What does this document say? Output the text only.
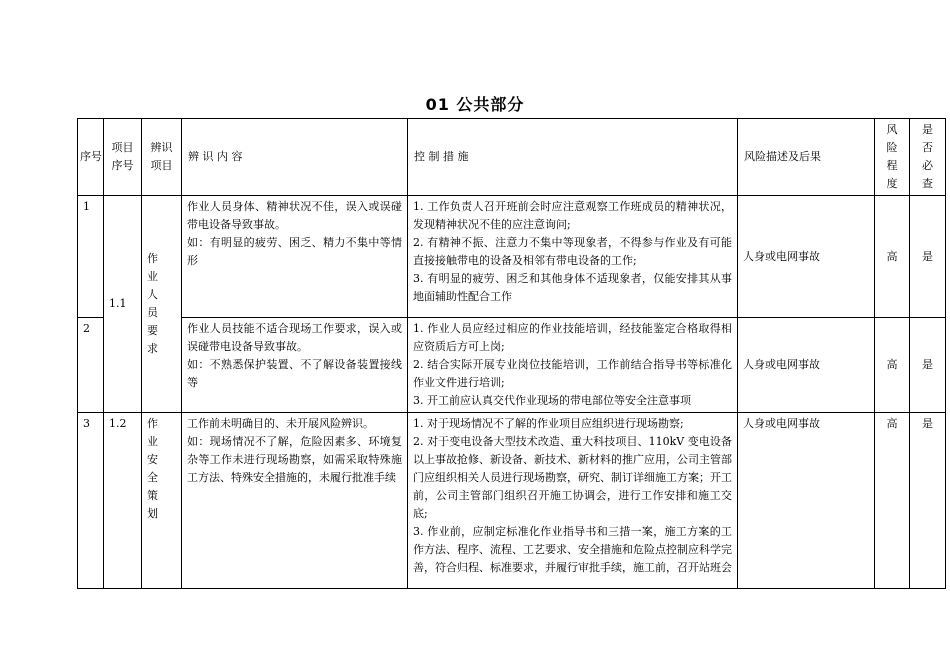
01 公共部分
序号	项目序号	辨识项目	辨 识 内 容	控 制 措 施	风险描述及后果	风险程度	是否必查

1	1.1	作业人员要求	作业人员身体、精神状况不佳，误入或误碰带电设备导致事故。
如：有明显的疲劳、困乏、精力不集中等情形	1. 工作负责人召开班前会时应注意观察工作班成员的精神状况，发现精神状况不佳的应注意询问;
2. 有精神不振、注意力不集中等现象者，不得参与作业及有可能直接接触带电的设备及相邻有带电设备的工作;
3. 有明显的疲劳、困乏和其他身体不适现象者，仅能安排其从事地面辅助性配合工作	人身或电网事故	高	是
2			作业人员技能不适合现场工作要求，误入或误碰带电设备导致事故。
如：不熟悉保护装置、不了解设备装置接线等	1. 作业人员应经过相应的作业技能培训，经技能鉴定合格取得相应资质后方可上岗;
2. 结合实际开展专业岗位技能培训，工作前结合指导书等标准化作业文件进行培训;
3. 开工前应认真交代作业现场的带电部位等安全注意事项	人身或电网事故	高	是
3	1.2	作业安全策划	工作前未明确目的、未开展风险辨识。
如：现场情况不了解，危险因素多、环境复杂等工作未进行现场勘察，如需采取特殊施工方法、特殊安全措施的，未履行批准手续	1. 对于现场情况不了解的作业项目应组织进行现场勘察;
2. 对于变电设备大型技术改造、重大科技项目、110kV 变电设备以上事故抢修、新设备、新技术、新材料的推广应用，公司主管部门应组织相关人员进行现场勘察，研究、制订详细施工方案；开工前，公司主管部门组织召开施工协调会，进行工作安排和施工交底;
3. 作业前，应制定标准化作业指导书和三措一案，施工方案的工作方法、程序、流程、工艺要求、安全措施和危险点控制应科学完善，符合归程、标准要求，并履行审批手续，施工前，召开站班会	人身或电网事故	高	是
